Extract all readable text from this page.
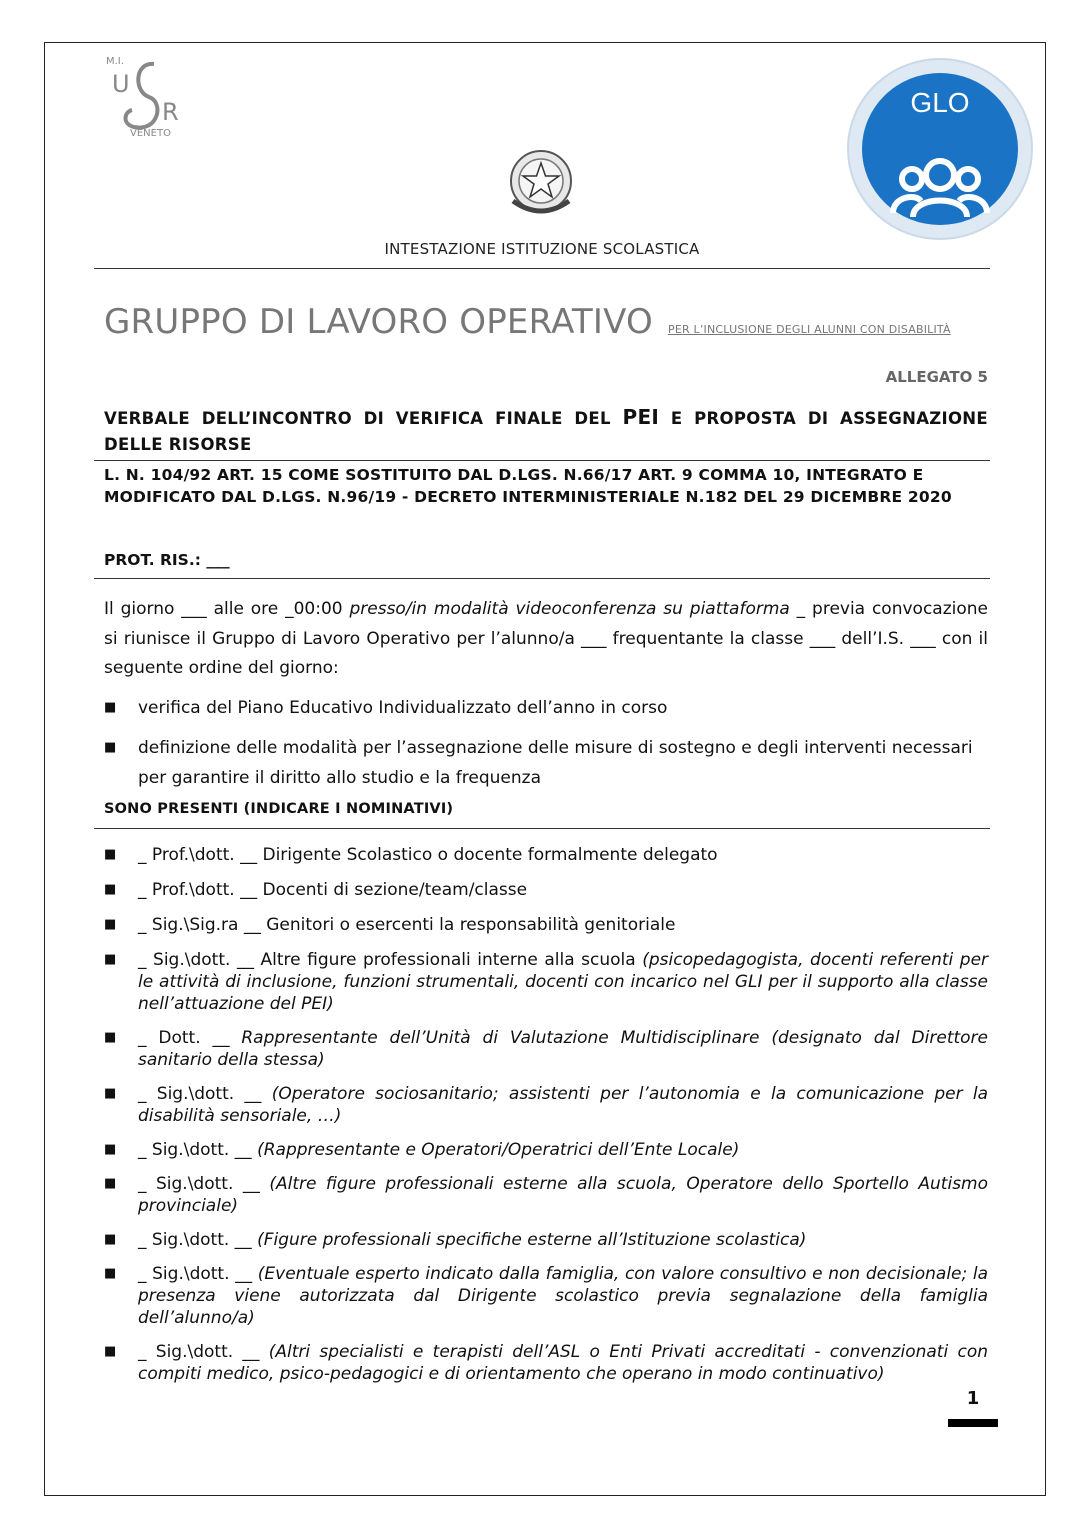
M.I.
U
R
VENETO
GLO
INTESTAZIONE ISTITUZIONE SCOLASTICA
GRUPPO DI LAVORO OPERATIVO PER L’INCLUSIONE DEGLI ALUNNI CON DISABILITÀ
ALLEGATO 5
VERBALE DELL’INCONTRO DI VERIFICA FINALE DEL PEI E PROPOSTA DI ASSEGNAZIONE DELLE RISORSE
L. N. 104/92 ART. 15 COME SOSTITUITO DAL D.LGS. N.66/17 ART. 9 COMMA 10, INTEGRATO E MODIFICATO DAL D.LGS. N.96/19 - DECRETO INTERMINISTERIALE N.182 DEL 29 DICEMBRE 2020
PROT. RIS.: ___
Il giorno ___ alle ore _00:00 presso/in modalità videoconferenza su piattaforma _ previa convocazione si riunisce il Gruppo di Lavoro Operativo per l’alunno/a ___ frequentante la classe ___ dell’I.S. ___ con il seguente ordine del giorno:
■ verifica del Piano Educativo Individualizzato dell’anno in corso
■ definizione delle modalità per l’assegnazione delle misure di sostegno e degli interventi necessari per garantire il diritto allo studio e la frequenza
SONO PRESENTI (INDICARE I NOMINATIVI)
■ _ Prof.\dott. __ Dirigente Scolastico o docente formalmente delegato
■ _ Prof.\dott. __ Docenti di sezione/team/classe
■ _ Sig.\Sig.ra __ Genitori o esercenti la responsabilità genitoriale
■ _ Sig.\dott. __ Altre figure professionali interne alla scuola (psicopedagogista, docenti referenti per le attività di inclusione, funzioni strumentali, docenti con incarico nel GLI per il supporto alla classe nell’attuazione del PEI)
■ _ Dott. __ Rappresentante dell’Unità di Valutazione Multidisciplinare (designato dal Direttore sanitario della stessa)
■ _ Sig.\dott. __ (Operatore sociosanitario; assistenti per l’autonomia e la comunicazione per la disabilità sensoriale, …)
■ _ Sig.\dott. __ (Rappresentante e Operatori/Operatrici dell’Ente Locale)
■ _ Sig.\dott. __ (Altre figure professionali esterne alla scuola, Operatore dello Sportello Autismo provinciale)
■ _ Sig.\dott. __ (Figure professionali specifiche esterne all’Istituzione scolastica)
■ _ Sig.\dott. __ (Eventuale esperto indicato dalla famiglia, con valore consultivo e non decisionale; la presenza viene autorizzata dal Dirigente scolastico previa segnalazione della famiglia dell’alunno/a)
■ _ Sig.\dott. __ (Altri specialisti e terapisti dell’ASL o Enti Privati accreditati - convenzionati con compiti medico, psico-pedagogici e di orientamento che operano in modo continuativo)
1
